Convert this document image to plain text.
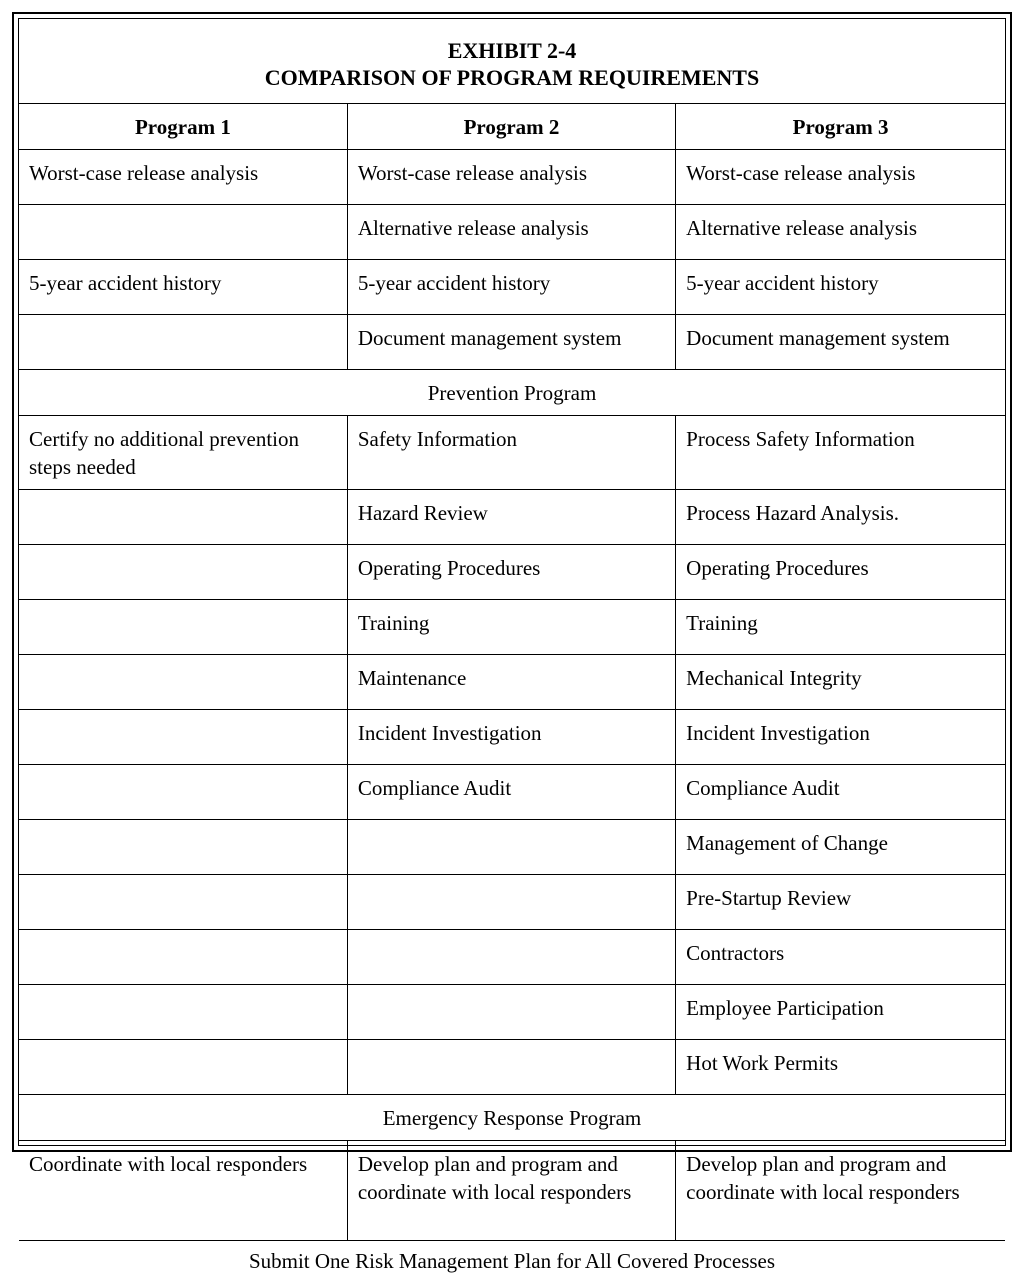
EXHIBIT 2-4
COMPARISON OF PROGRAM REQUIREMENTS		

Program 1	Program 2	Program 3
Worst-case release analysis	Worst-case release analysis	Worst-case release analysis
	Alternative release analysis	Alternative release analysis
5-year accident history	5-year accident history	5-year accident history
	Document management system	Document management system
Prevention Program		
Certify no additional prevention steps needed	Safety Information	Process Safety Information
	Hazard Review	Process Hazard Analysis.
	Operating Procedures	Operating Procedures
	Training	Training
	Maintenance	Mechanical Integrity
	Incident Investigation	Incident Investigation
	Compliance Audit	Compliance Audit
		Management of Change
		Pre-Startup Review
		Contractors
		Employee Participation
		Hot Work Permits
Emergency Response Program		
Coordinate with local responders	Develop plan and program and coordinate with local responders	Develop plan and program and coordinate with local responders
Submit One Risk Management Plan for All Covered Processes		
